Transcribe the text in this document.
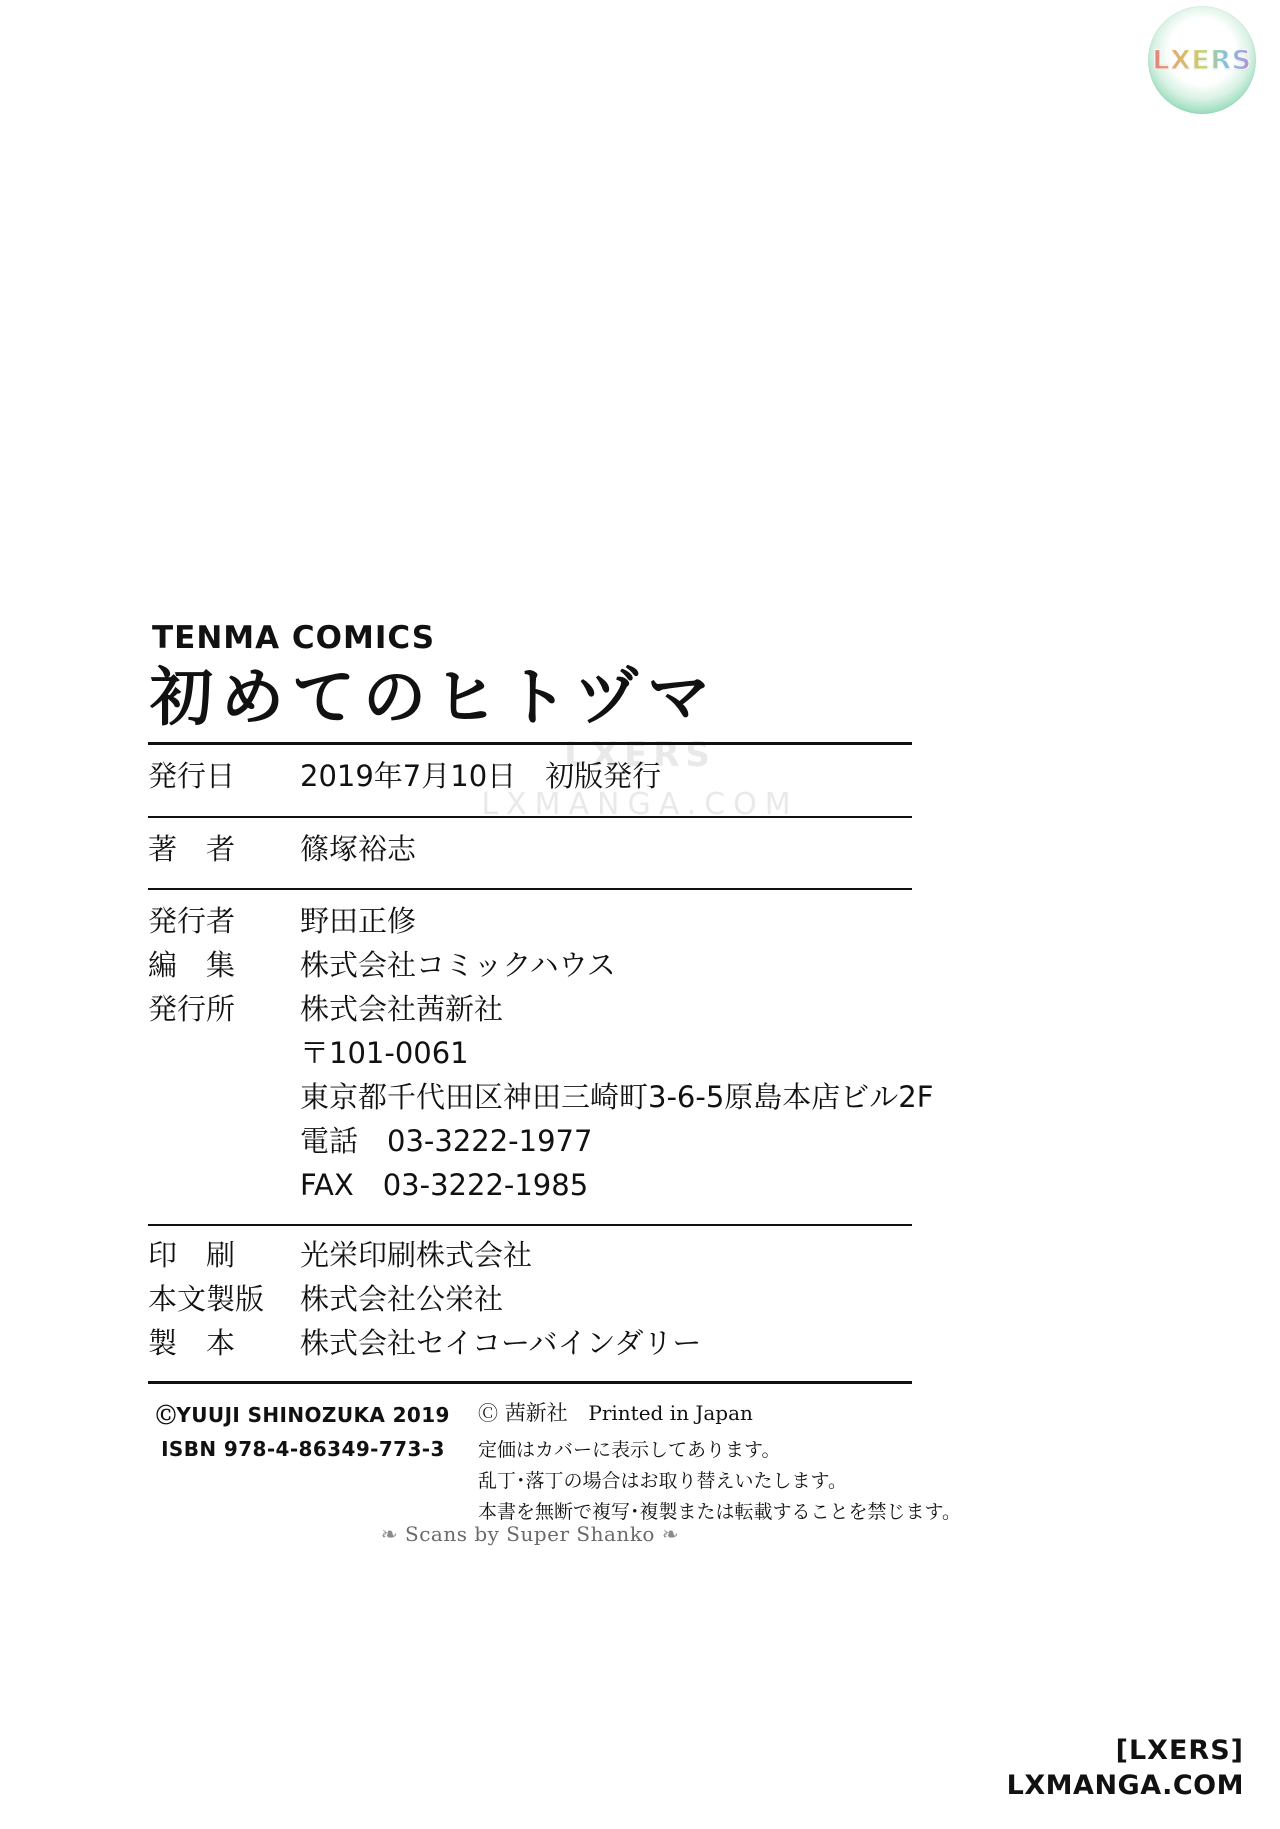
LXERS
LXERS
LXMANGA.COM
TENMA COMICS
初めてのヒトヅマ
発行日	2019年7月10日　初版発行
著　者	篠塚裕志
発行者	野田正修
編　集	株式会社コミックハウス
発行所	株式会社茜新社
〒101-0061
東京都千代田区神田三崎町3-6-5原島本店ビル2F
電話　03-3222-1977
FAX　03-3222-1985
印　刷	光栄印刷株式会社
本文製版	株式会社公栄社
製　本	株式会社セイコーバインダリー
ⒸYUUJI SHINOZUKA 2019
ISBN 978-4-86349-773-3
Ⓒ 茜新社 Printed in Japan
定価はカバーに表示してあります。
乱丁･落丁の場合はお取り替えいたします。
本書を無断で複写･複製または転載することを禁じます。
❧ Scans by Super Shanko ❧
[LXERS]
LXMANGA.COM
